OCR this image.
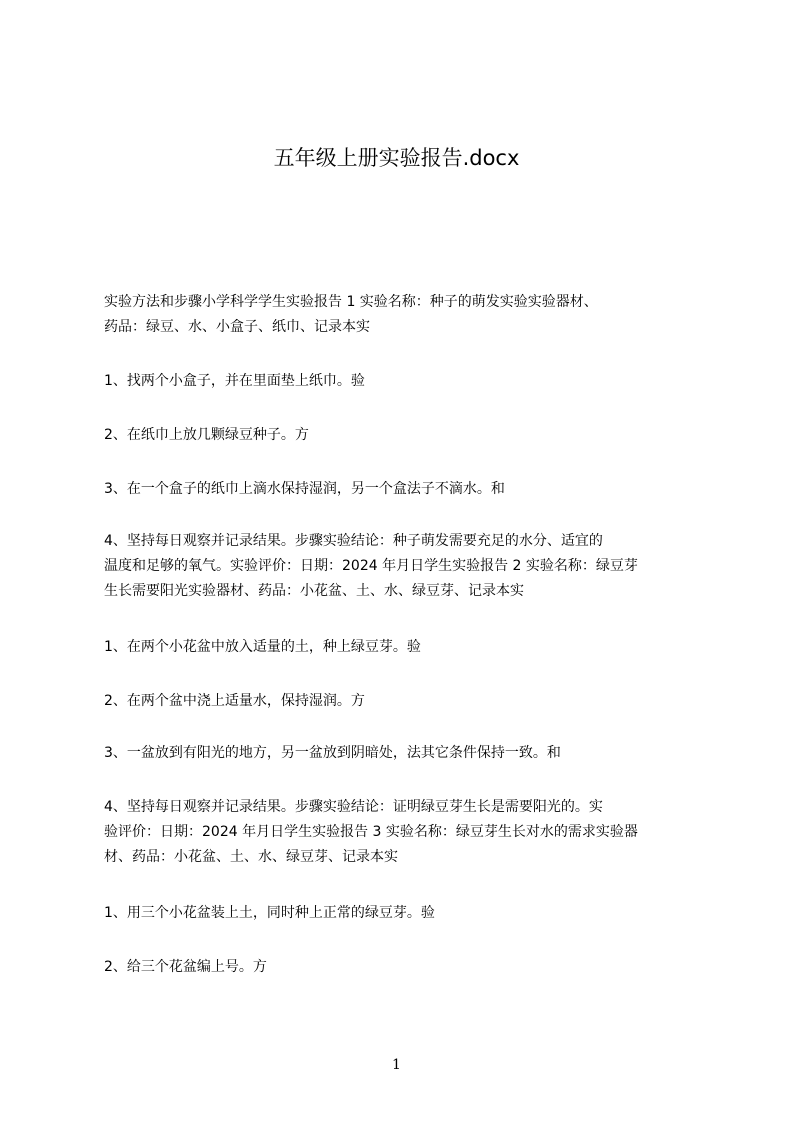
五年级上册实验报告.docx
实验方法和步骤小学科学学生实验报告 1 实验名称：种子的萌发实验实验器材、
药品：绿豆、水、小盒子、纸巾、记录本实
1、找两个小盒子，并在里面垫上纸巾。验
2、在纸巾上放几颗绿豆种子。方
3、在一个盒子的纸巾上滴水保持湿润，另一个盒法子不滴水。和
4、坚持每日观察并记录结果。步骤实验结论：种子萌发需要充足的水分、适宜的
温度和足够的氧气。实验评价：日期：2024 年月日学生实验报告 2 实验名称：绿豆芽
生长需要阳光实验器材、药品：小花盆、土、水、绿豆芽、记录本实
1、在两个小花盆中放入适量的土，种上绿豆芽。验
2、在两个盆中浇上适量水，保持湿润。方
3、一盆放到有阳光的地方，另一盆放到阴暗处，法其它条件保持一致。和
4、坚持每日观察并记录结果。步骤实验结论：证明绿豆芽生长是需要阳光的。实
验评价：日期：2024 年月日学生实验报告 3 实验名称：绿豆芽生长对水的需求实验器
材、药品：小花盆、土、水、绿豆芽、记录本实
1、用三个小花盆装上土，同时种上正常的绿豆芽。验
2、给三个花盆编上号。方
1
